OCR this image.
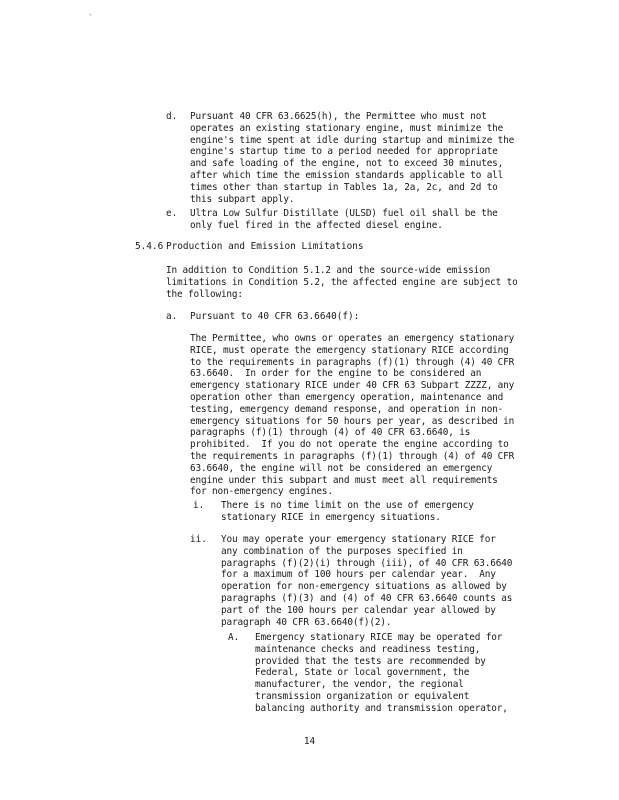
`
d. Pursuant 40 CFR 63.6625(h), the Permittee who must not
operates an existing stationary engine, must minimize the
engine's time spent at idle during startup and minimize the
engine's startup time to a period needed for appropriate
and safe loading of the engine, not to exceed 30 minutes,
after which time the emission standards applicable to all
times other than startup in Tables 1a, 2a, 2c, and 2d to
this subpart apply.
e. Ultra Low Sulfur Distillate (ULSD) fuel oil shall be the
only fuel fired in the affected diesel engine.
5.4.6 Production and Emission Limitations
In addition to Condition 5.1.2 and the source-wide emission
limitations in Condition 5.2, the affected engine are subject to
the following:
a. Pursuant to 40 CFR 63.6640(f):
The Permittee, who owns or operates an emergency stationary
RICE, must operate the emergency stationary RICE according
to the requirements in paragraphs (f)(1) through (4) 40 CFR
63.6640.  In order for the engine to be considered an
emergency stationary RICE under 40 CFR 63 Subpart ZZZZ, any
operation other than emergency operation, maintenance and
testing, emergency demand response, and operation in non-
emergency situations for 50 hours per year, as described in
paragraphs (f)(1) through (4) of 40 CFR 63.6640, is
prohibited.  If you do not operate the engine according to
the requirements in paragraphs (f)(1) through (4) of 40 CFR
63.6640, the engine will not be considered an emergency
engine under this subpart and must meet all requirements
for non-emergency engines.
i. There is no time limit on the use of emergency
stationary RICE in emergency situations.
ii. You may operate your emergency stationary RICE for
any combination of the purposes specified in
paragraphs (f)(2)(i) through (iii), of 40 CFR 63.6640
for a maximum of 100 hours per calendar year.  Any
operation for non-emergency situations as allowed by
paragraphs (f)(3) and (4) of 40 CFR 63.6640 counts as
part of the 100 hours per calendar year allowed by
paragraph 40 CFR 63.6640(f)(2).
A. Emergency stationary RICE may be operated for
maintenance checks and readiness testing,
provided that the tests are recommended by
Federal, State or local government, the
manufacturer, the vendor, the regional
transmission organization or equivalent
balancing authority and transmission operator,
14
